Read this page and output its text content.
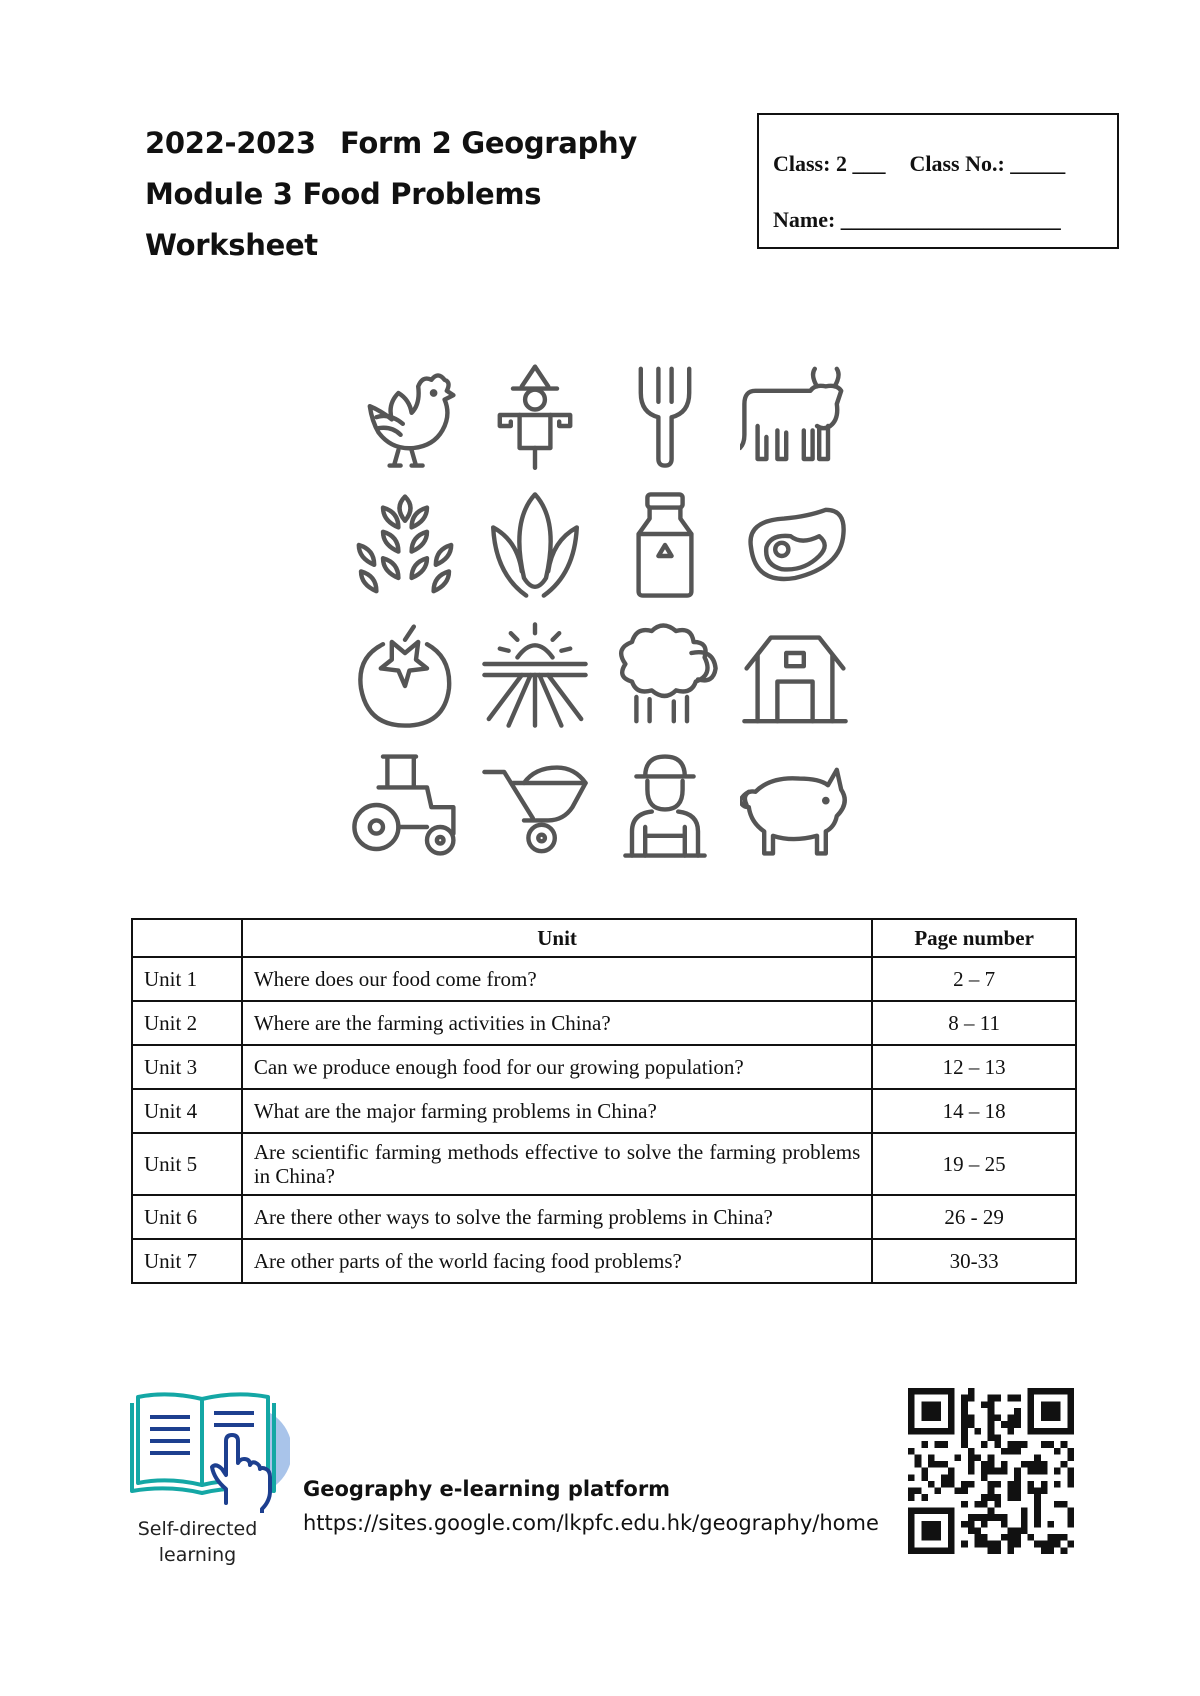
2022-2023 Form 2 Geography
Module 3 Food Problems
Worksheet
Class: 2 ___ Class No.: _____
Name: ____________________
	Unit	Page number
Unit 1	Where does our food come from?	2 – 7
Unit 2	Where are the farming activities in China?	8 – 11
Unit 3	Can we produce enough food for our growing population?	12 – 13
Unit 4	What are the major farming problems in China?	14 – 18
Unit 5	Are scientific farming methods effective to solve the farming problems in China?	19 – 25
Unit 6	Are there other ways to solve the farming problems in China?	26 - 29
Unit 7	Are other parts of the world facing food problems?	30-33
Self-directed
learning
Geography e-learning platform
https://sites.google.com/lkpfc.edu.hk/geography/home
